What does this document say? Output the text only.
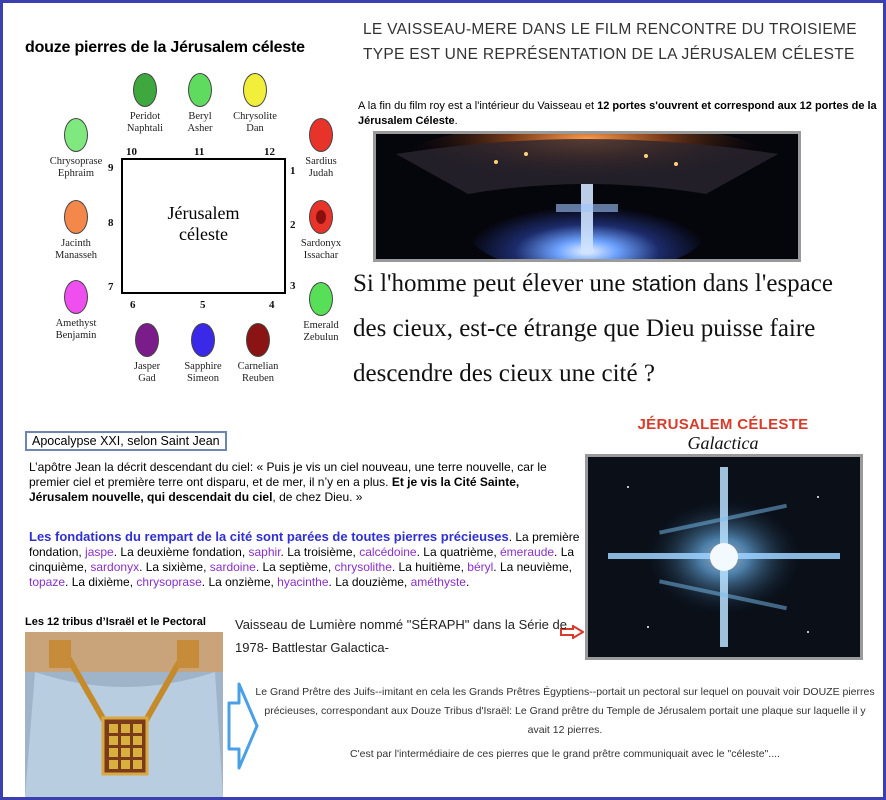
douze pierres de la Jérusalem céleste
Jérusalem
céleste
10	11	12
1
2
3
4
5
6
7
8
9
Peridot
Naphtali
Beryl
Asher
Chrysolite
Dan
Sardius
Judah
Sardonyx
Issachar
Emerald
Zebulun
Carnelian
Reuben
Sapphire
Simeon
Jasper
Gad
Amethyst
Benjamin
Jacinth
Manasseh
Chrysoprase
Ephraim
LE VAISSEAU-MERE DANS LE FILM RENCONTRE DU TROISIEME TYPE EST UNE REPRÉSENTATION DE LA JÉRUSALEM CÉLESTE
A la fin du film roy est a l'intérieur du Vaisseau et 12 portes s'ouvrent et correspond aux 12 portes de la Jérusalem Céleste.
Si l'homme peut élever une station dans l'espace des cieux, est-ce étrange que Dieu puisse faire descendre des cieux une cité ?
Apocalypse XXI, selon Saint Jean
L’apôtre Jean la décrit descendant du ciel: « Puis je vis un ciel nouveau, une terre nouvelle, car le premier ciel et première terre ont disparu, et de mer, il n’y en a plus. Et je vis la Cité Sainte, Jérusalem nouvelle, qui descendait du ciel, de chez Dieu. »
Les fondations du rempart de la cité sont parées de toutes pierres précieuses. La première fondation, jaspe. La deuxième fondation, saphir. La troisième, calcédoine. La quatrième, émeraude. La cinquième, sardonyx. La sixième, sardoine. La septième, chrysolithe. La huitième, béryl. La neuvième, topaze. La dixième, chrysoprase. La onzième, hyacinthe. La douzième, améthyste.
JÉRUSALEM CÉLESTE
Galactica
Les 12 tribus d’Israël et le Pectoral Vaisseau de Lumière nommé "SÉRAPH" dans la Série de 1978- Battlestar Galactica-
Le Grand Prêtre des Juifs--imitant en cela les Grands Prêtres Égyptiens--portait un pectoral sur lequel on pouvait voir DOUZE pierres précieuses, correspondant aux Douze Tribus d'Israël: Le Grand prêtre du Temple de Jérusalem portait une plaque sur laquelle il y avait 12 pierres.
C'est par l'intermédiaire de ces pierres que le grand prêtre communiquait avec le "céleste"....
